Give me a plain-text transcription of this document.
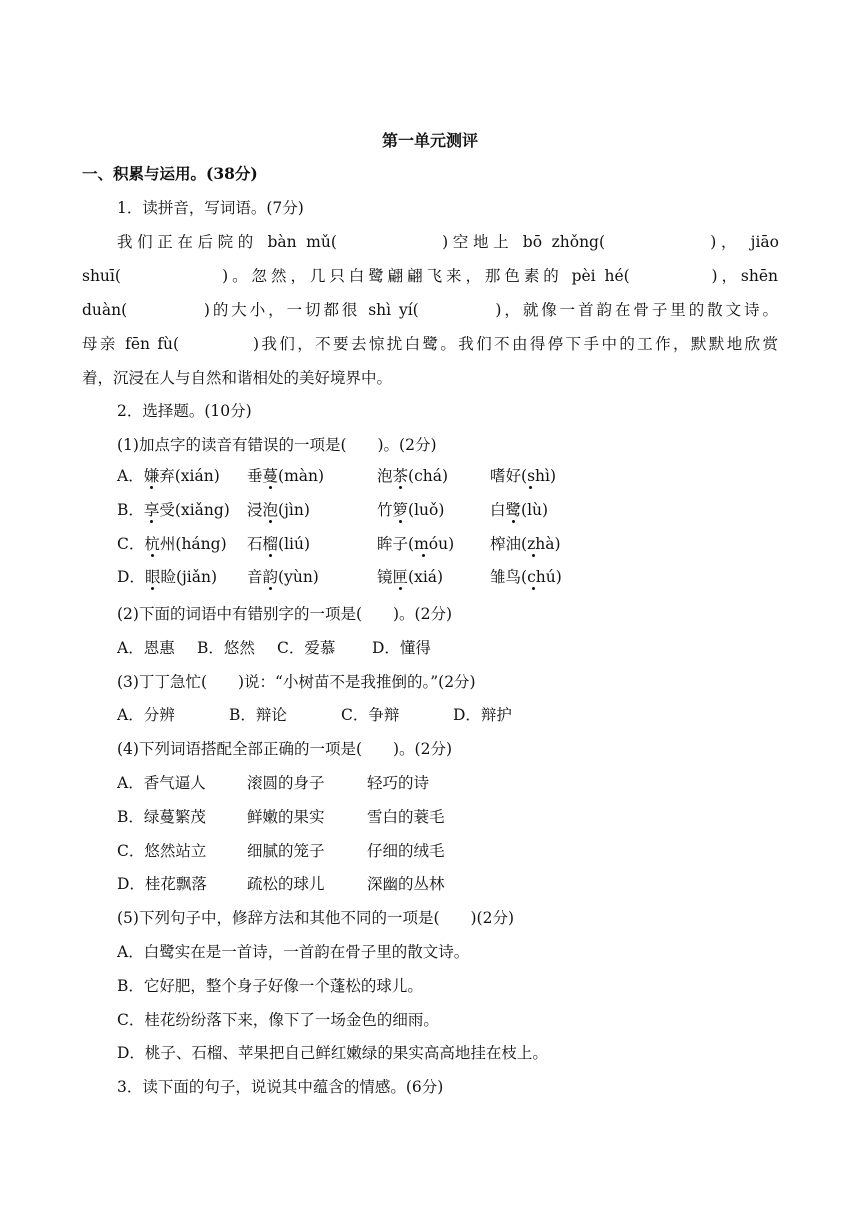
第一单元测评
一、积累与运用。(38分)
1．读拼音，写词语。(7分)
我们正在后院的 bàn mǔ(　　　　　)空地上 bō zhǒng(　　　　　)， jiāo
shuī(　　　　　)。忽然，几只白鹭翩翩飞来，那色素的 pèi hé(　　　　)，shēn
duàn(　　　　)的大小，一切都很 shì yí(　　　　)，就像一首韵在骨子里的散文诗。
母亲 fēn fù(　　　　)我们，不要去惊扰白鹭。我们不由得停下手中的工作，默默地欣赏
着，沉浸在人与自然和谐相处的美好境界中。
2．选择题。(10分)
(1)加点字的读音有错误的一项是(　　)。(2分)
A．嫌弃(xián)	垂蔓(màn)	泡茶(chá)	嗜好(shì)
B．享受(xiǎng)	浸泡(jìn)	竹箩(luǒ)	白鹭(lù)
C．杭州(háng)	石榴(liú)	眸子(móu)	榨油(zhà)
D．眼睑(jiǎn)	音韵(yùn)	镜匣(xiá)	雏鸟(chú)
(2)下面的词语中有错别字的一项是(　　)。(2分)
A．恩惠	B．悠然	C．爱慕	D．懂得
(3)丁丁急忙(　　)说：“小树苗不是我推倒的。”(2分)
A．分辨	B．辩论	C．争辩	D．辩护
(4)下列词语搭配全部正确的一项是(　　)。(2分)
A．香气逼人	滚圆的身子	轻巧的诗
B．绿蔓繁茂	鲜嫩的果实	雪白的蓑毛
C．悠然站立	细腻的笼子	仔细的绒毛
D．桂花飘落	疏松的球儿	深幽的丛林
(5)下列句子中，修辞方法和其他不同的一项是(　　)(2分)
A．白鹭实在是一首诗，一首韵在骨子里的散文诗。
B．它好肥，整个身子好像一个蓬松的球儿。
C．桂花纷纷落下来，像下了一场金色的细雨。
D．桃子、石榴、苹果把自己鲜红嫩绿的果实高高地挂在枝上。
3．读下面的句子，说说其中蕴含的情感。(6分)
